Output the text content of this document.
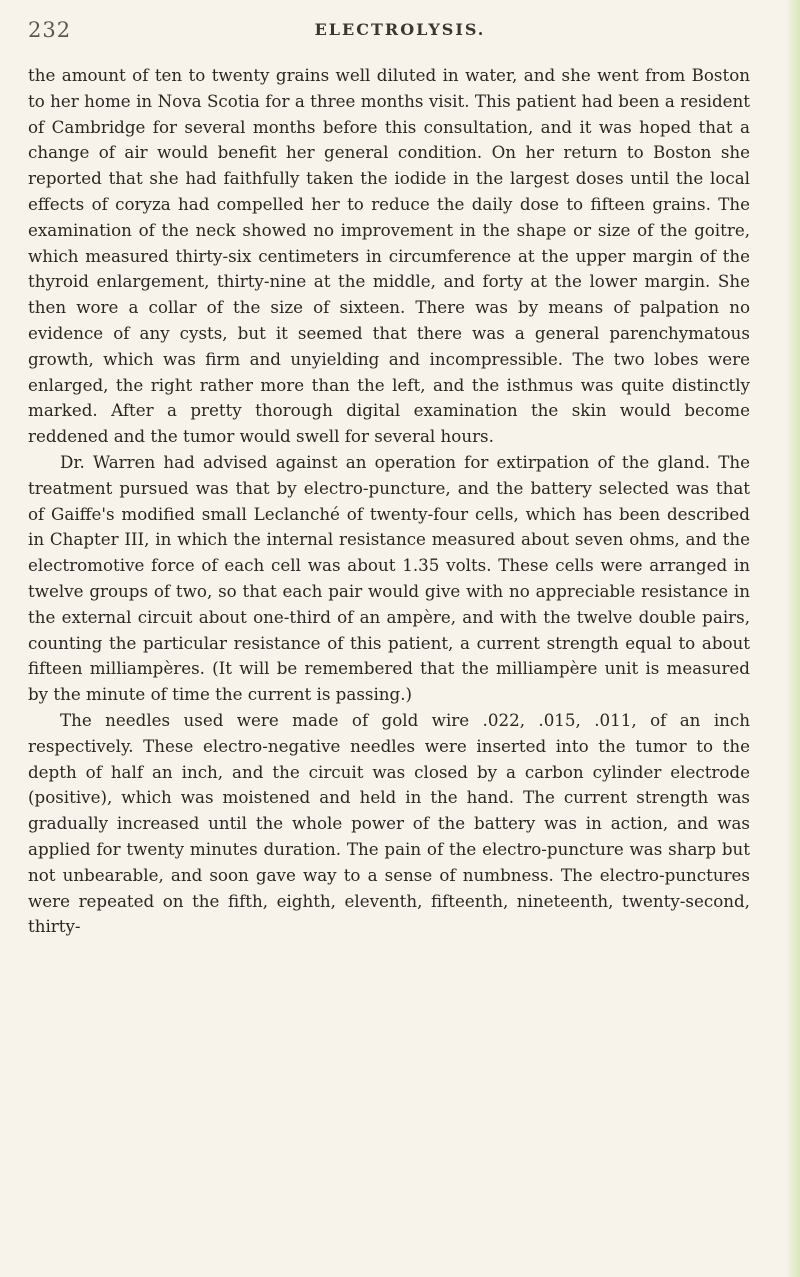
232	ELECTROLYSIS.

the amount of ten to twenty grains well diluted in water, and she went from Boston to her home in Nova Scotia for a three months visit. This patient had been a resident of Cambridge for several months before this consultation, and it was hoped that a change of air would benefit her general condition. On her return to Boston she reported that she had faithfully taken the iodide in the largest doses until the local effects of coryza had compelled her to reduce the daily dose to fifteen grains. The examination of the neck showed no improvement in the shape or size of the goitre, which measured thirty-six centimeters in circumference at the upper margin of the thyroid enlargement, thirty-nine at the middle, and forty at the lower margin. She then wore a collar of the size of sixteen. There was by means of palpation no evidence of any cysts, but it seemed that there was a general parenchymatous growth, which was firm and unyielding and incompressible. The two lobes were enlarged, the right rather more than the left, and the isthmus was quite distinctly marked. After a pretty thorough digital examination the skin would become reddened and the tumor would swell for several hours.

Dr. Warren had advised against an operation for extirpation of the gland. The treatment pursued was that by electro-puncture, and the battery selected was that of Gaiffe's modified small Leclanché of twenty-four cells, which has been described in Chapter III, in which the internal resistance measured about seven ohms, and the electromotive force of each cell was about 1.35 volts. These cells were arranged in twelve groups of two, so that each pair would give with no appreciable resistance in the external circuit about one-third of an ampère, and with the twelve double pairs, counting the particular resistance of this patient, a current strength equal to about fifteen milliampères. (It will be remembered that the milliampère unit is measured by the minute of time the current is passing.)

The needles used were made of gold wire .022, .015, .011, of an inch respectively. These electro-negative needles were inserted into the tumor to the depth of half an inch, and the circuit was closed by a carbon cylinder electrode (positive), which was moistened and held in the hand. The current strength was gradually increased until the whole power of the battery was in action, and was applied for twenty minutes duration. The pain of the electro-puncture was sharp but not unbearable, and soon gave way to a sense of numbness. The electro-punctures were repeated on the fifth, eighth, eleventh, fifteenth, nineteenth, twenty-second, thirty-
